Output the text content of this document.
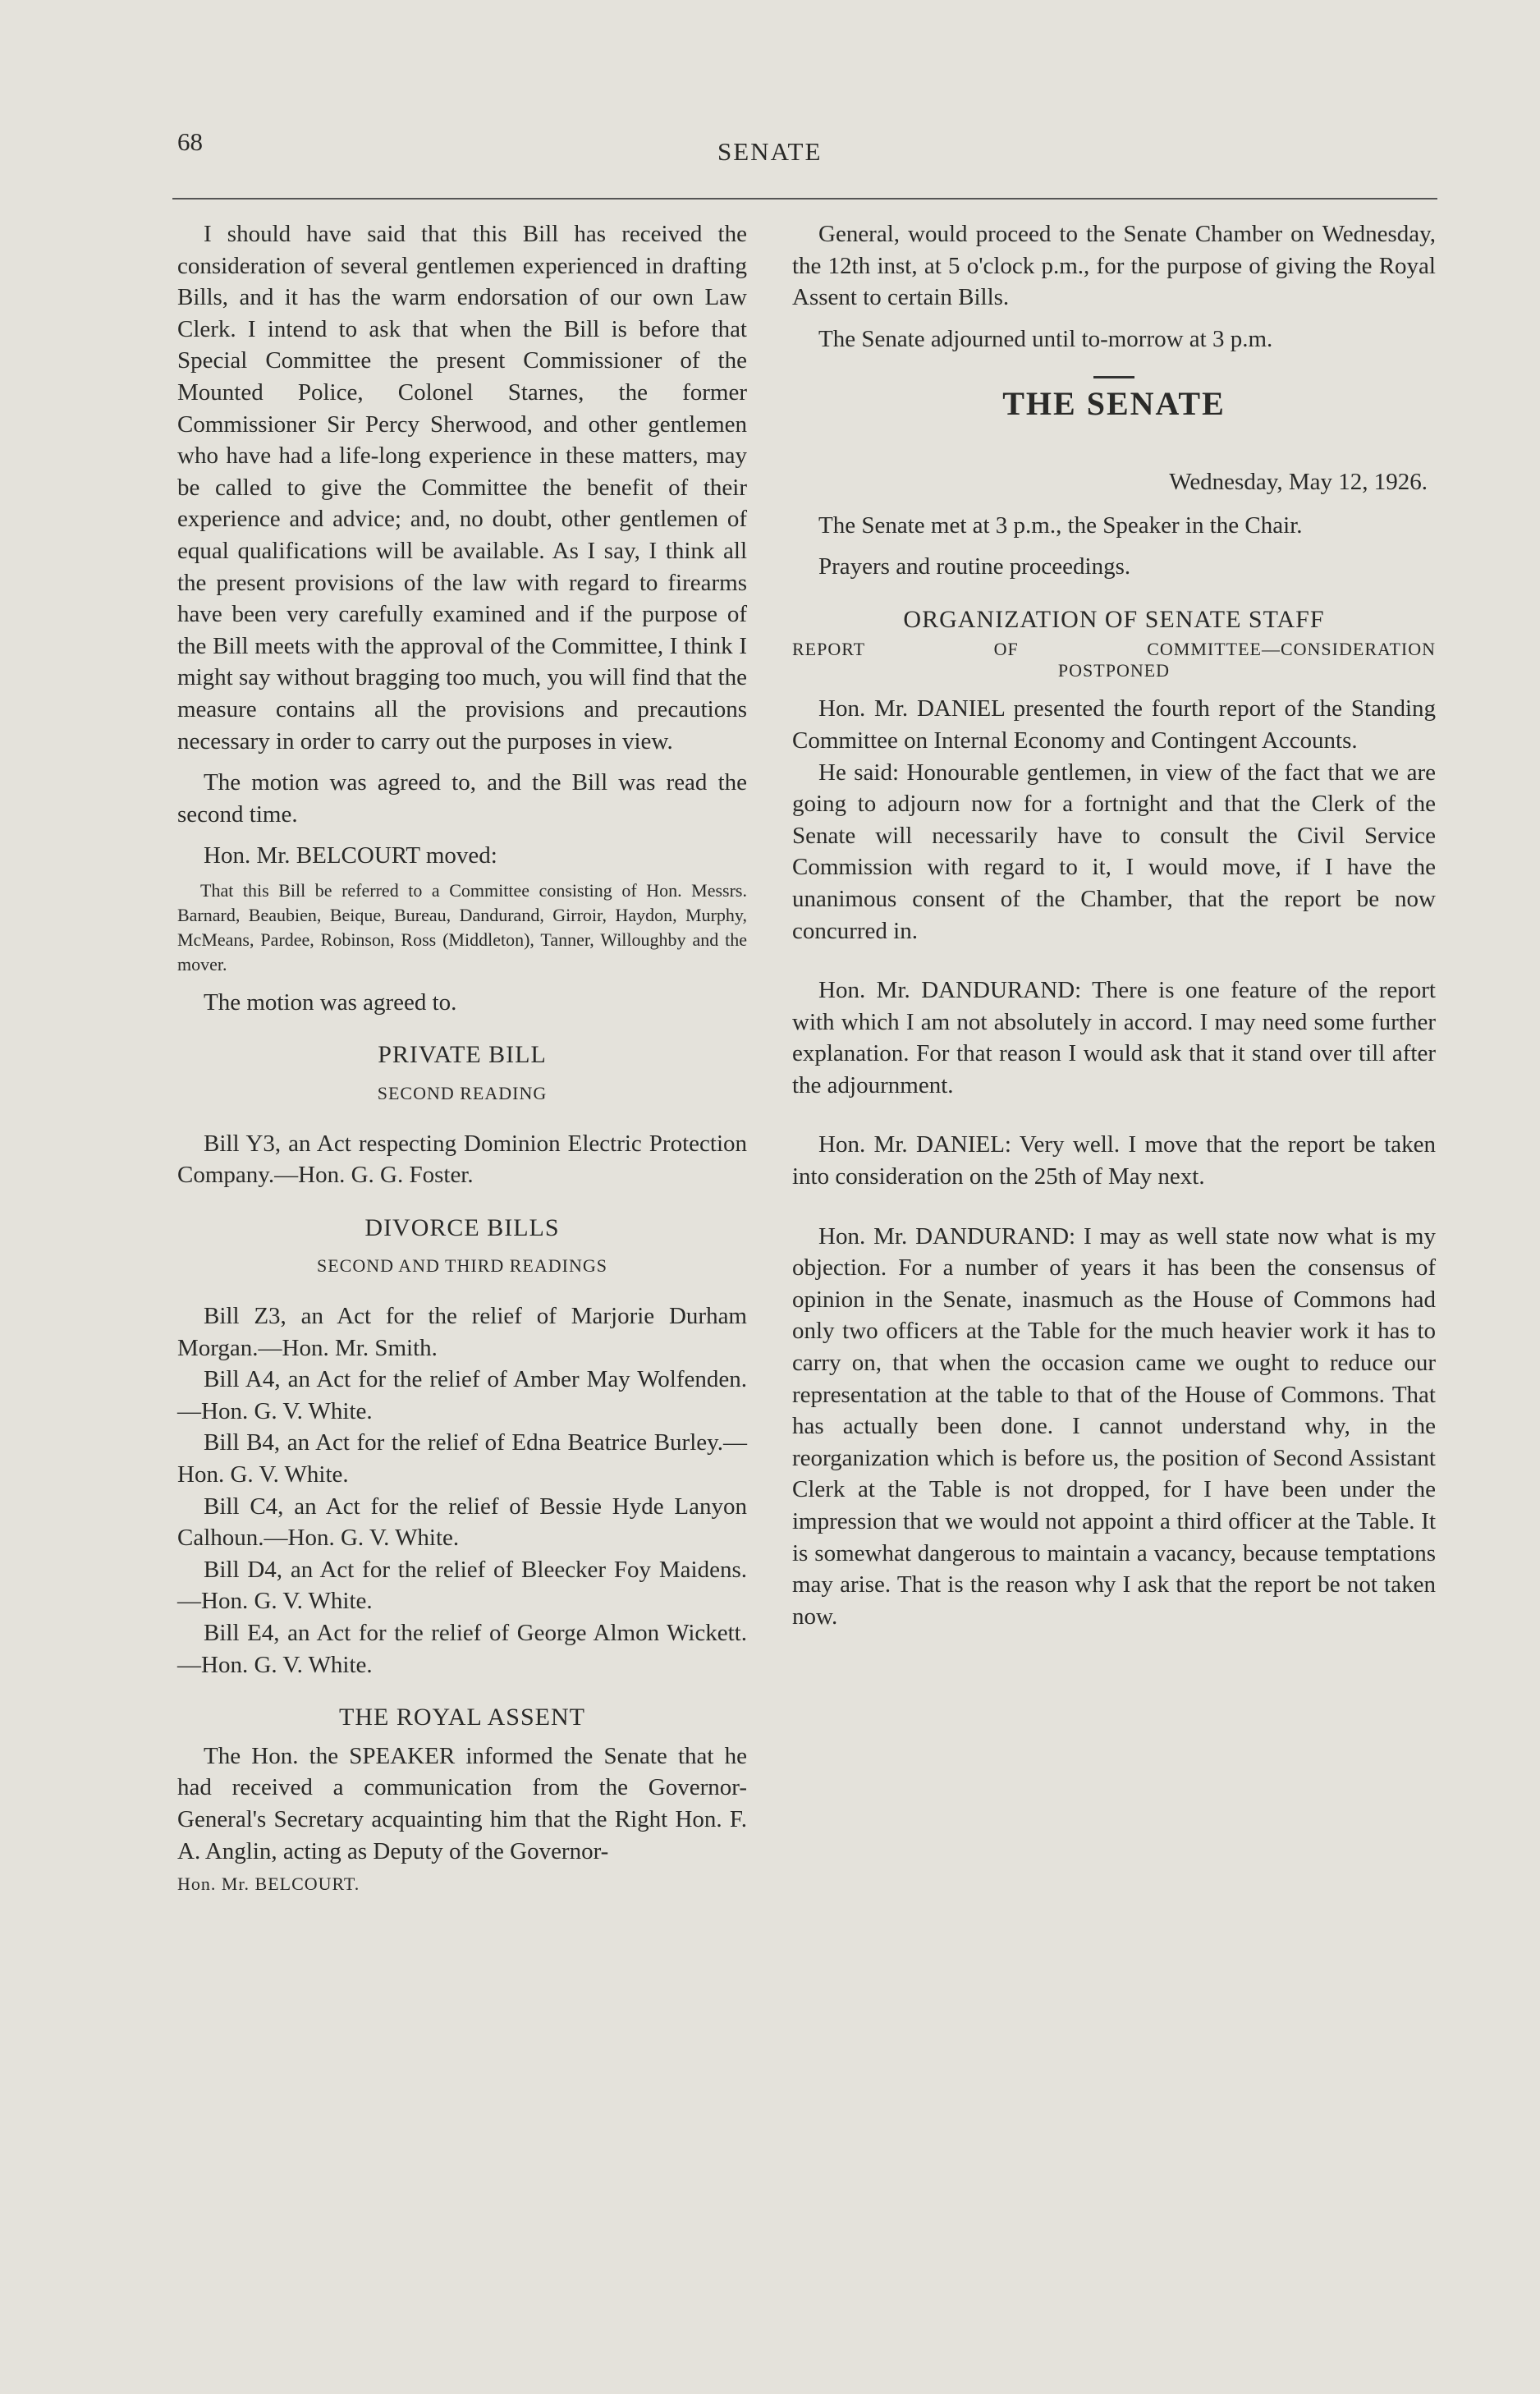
68	SENATE

I should have said that this Bill has received the consideration of several gentlemen experienced in drafting Bills, and it has the warm endorsation of our own Law Clerk. I intend to ask that when the Bill is before that Special Committee the present Commissioner of the Mounted Police, Colonel Starnes, the former Commissioner Sir Percy Sherwood, and other gentlemen who have had a life-long experience in these matters, may be called to give the Committee the benefit of their experience and advice; and, no doubt, other gentlemen of equal qualifications will be available. As I say, I think all the present provisions of the law with regard to firearms have been very carefully examined and if the purpose of the Bill meets with the approval of the Committee, I think I might say without bragging too much, you will find that the measure contains all the provisions and precautions necessary in order to carry out the purposes in view.

The motion was agreed to, and the Bill was read the second time.

Hon. Mr. BELCOURT moved:

That this Bill be referred to a Committee consisting of Hon. Messrs. Barnard, Beaubien, Beique, Bureau, Dandurand, Girroir, Haydon, Murphy, McMeans, Pardee, Robinson, Ross (Middleton), Tanner, Willoughby and the mover.

The motion was agreed to.

PRIVATE BILL
SECOND READING

Bill Y3, an Act respecting Dominion Electric Protection Company.—Hon. G. G. Foster.

DIVORCE BILLS
SECOND AND THIRD READINGS

Bill Z3, an Act for the relief of Marjorie Durham Morgan.—Hon. Mr. Smith.

Bill A4, an Act for the relief of Amber May Wolfenden.—Hon. G. V. White.

Bill B4, an Act for the relief of Edna Beatrice Burley.—Hon. G. V. White.

Bill C4, an Act for the relief of Bessie Hyde Lanyon Calhoun.—Hon. G. V. White.

Bill D4, an Act for the relief of Bleecker Foy Maidens.—Hon. G. V. White.

Bill E4, an Act for the relief of George Almon Wickett.—Hon. G. V. White.

THE ROYAL ASSENT

The Hon. the SPEAKER informed the Senate that he had received a communication from the Governor-General's Secretary acquainting him that the Right Hon. F. A. Anglin, acting as Deputy of the Governor-

Hon. Mr. BELCOURT.

General, would proceed to the Senate Chamber on Wednesday, the 12th inst, at 5 o'clock p.m., for the purpose of giving the Royal Assent to certain Bills.

The Senate adjourned until to-morrow at 3 p.m.

THE SENATE
Wednesday, May 12, 1926.

The Senate met at 3 p.m., the Speaker in the Chair.

Prayers and routine proceedings.

ORGANIZATION OF SENATE STAFF
REPORT	OF	COMMITTEE—CONSIDERATION
POSTPONED

Hon. Mr. DANIEL presented the fourth report of the Standing Committee on Internal Economy and Contingent Accounts.

He said: Honourable gentlemen, in view of the fact that we are going to adjourn now for a fortnight and that the Clerk of the Senate will necessarily have to consult the Civil Service Commission with regard to it, I would move, if I have the unanimous consent of the Chamber, that the report be now concurred in.

Hon. Mr. DANDURAND: There is one feature of the report with which I am not absolutely in accord. I may need some further explanation. For that reason I would ask that it stand over till after the adjournment.

Hon. Mr. DANIEL: Very well. I move that the report be taken into consideration on the 25th of May next.

Hon. Mr. DANDURAND: I may as well state now what is my objection. For a number of years it has been the consensus of opinion in the Senate, inasmuch as the House of Commons had only two officers at the Table for the much heavier work it has to carry on, that when the occasion came we ought to reduce our representation at the table to that of the House of Commons. That has actually been done. I cannot understand why, in the reorganization which is before us, the position of Second Assistant Clerk at the Table is not dropped, for I have been under the impression that we would not appoint a third officer at the Table. It is somewhat dangerous to maintain a vacancy, because temptations may arise. That is the reason why I ask that the report be not taken now.
